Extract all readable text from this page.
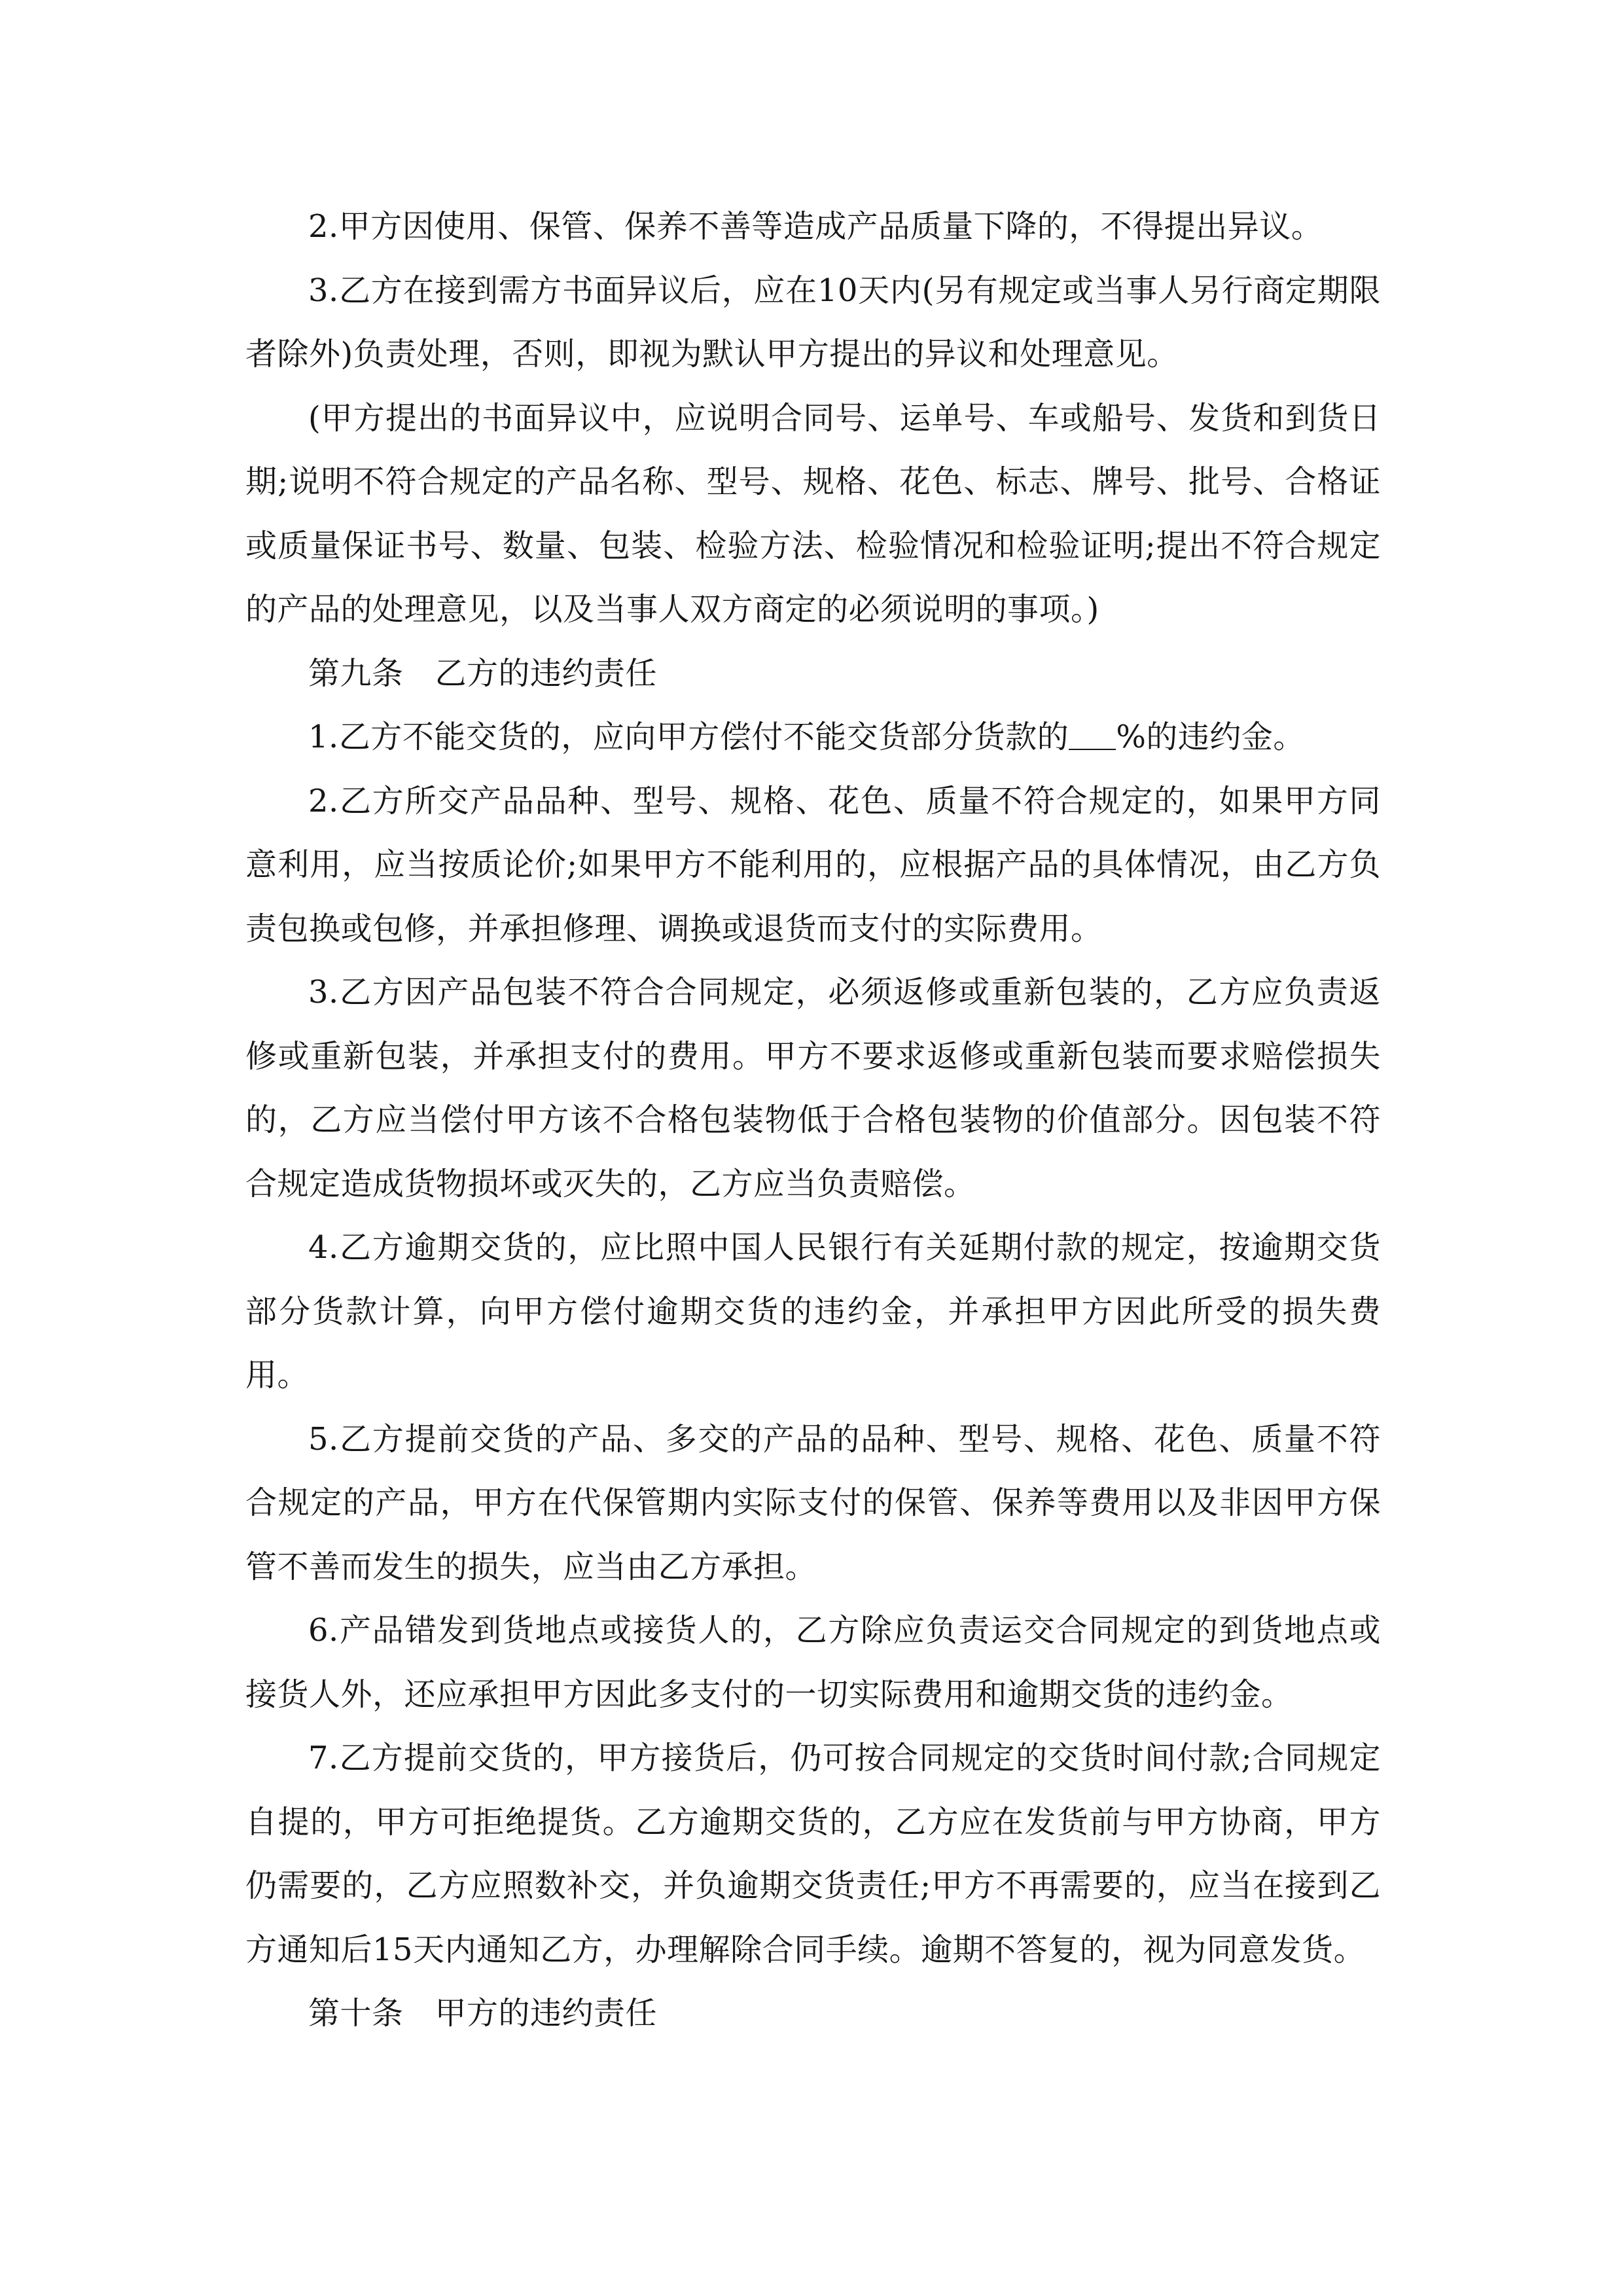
2.甲方因使用、保管、保养不善等造成产品质量下降的，不得提出异议。

3.乙方在接到需方书面异议后，应在10天内(另有规定或当事人另行商定期限者除外)负责处理，否则，即视为默认甲方提出的异议和处理意见。

(甲方提出的书面异议中，应说明合同号、运单号、车或船号、发货和到货日期;说明不符合规定的产品名称、型号、规格、花色、标志、牌号、批号、合格证或质量保证书号、数量、包装、检验方法、检验情况和检验证明;提出不符合规定的产品的处理意见，以及当事人双方商定的必须说明的事项。)

第九条 乙方的违约责任

1.乙方不能交货的，应向甲方偿付不能交货部分货款的 %的违约金。

2.乙方所交产品品种、型号、规格、花色、质量不符合规定的，如果甲方同意利用，应当按质论价;如果甲方不能利用的，应根据产品的具体情况，由乙方负责包换或包修，并承担修理、调换或退货而支付的实际费用。

3.乙方因产品包装不符合合同规定，必须返修或重新包装的，乙方应负责返修或重新包装，并承担支付的费用。甲方不要求返修或重新包装而要求赔偿损失的，乙方应当偿付甲方该不合格包装物低于合格包装物的价值部分。因包装不符合规定造成货物损坏或灭失的，乙方应当负责赔偿。

4.乙方逾期交货的，应比照中国人民银行有关延期付款的规定，按逾期交货部分货款计算，向甲方偿付逾期交货的违约金，并承担甲方因此所受的损失费用。

5.乙方提前交货的产品、多交的产品的品种、型号、规格、花色、质量不符合规定的产品，甲方在代保管期内实际支付的保管、保养等费用以及非因甲方保管不善而发生的损失，应当由乙方承担。

6.产品错发到货地点或接货人的，乙方除应负责运交合同规定的到货地点或接货人外，还应承担甲方因此多支付的一切实际费用和逾期交货的违约金。

7.乙方提前交货的，甲方接货后，仍可按合同规定的交货时间付款;合同规定自提的，甲方可拒绝提货。乙方逾期交货的，乙方应在发货前与甲方协商，甲方仍需要的，乙方应照数补交，并负逾期交货责任;甲方不再需要的，应当在接到乙方通知后15天内通知乙方，办理解除合同手续。逾期不答复的，视为同意发货。

第十条 甲方的违约责任
